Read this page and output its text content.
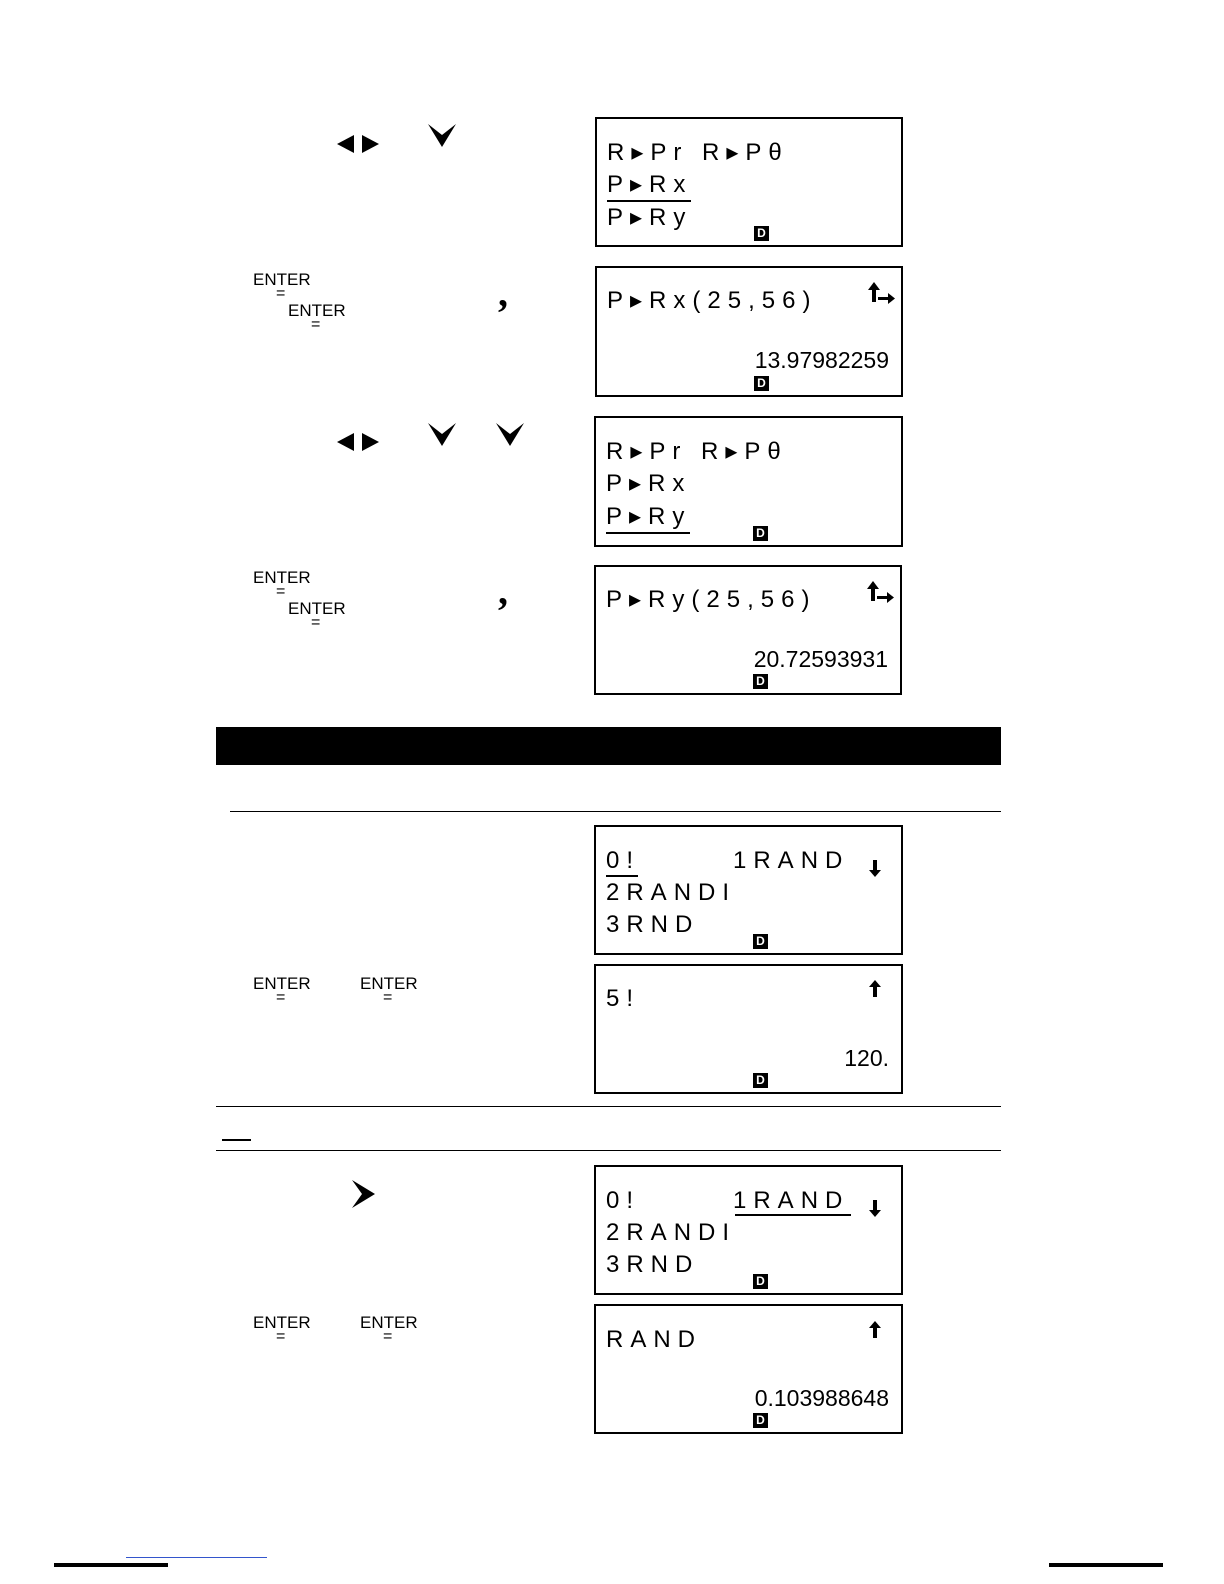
ENTER
=
ENTER
=
,
ENTER
=
ENTER
=
,
ENTER
=
ENTER
=
ENTER
=
ENTER
=
R▸Pr R▸Pθ
P▸Rx
P▸Ry
D
P▸Rx(25,56)
13.97982259
D
R▸Pr R▸Pθ
P▸Rx
P▸Ry
D
P▸Ry(25,56)
20.72593931
D
0!	1RAND
2RANDI
3RND
D
5!
120.
D
0!	1RAND
2RANDI
3RND
D
RAND
0.103988648
D
